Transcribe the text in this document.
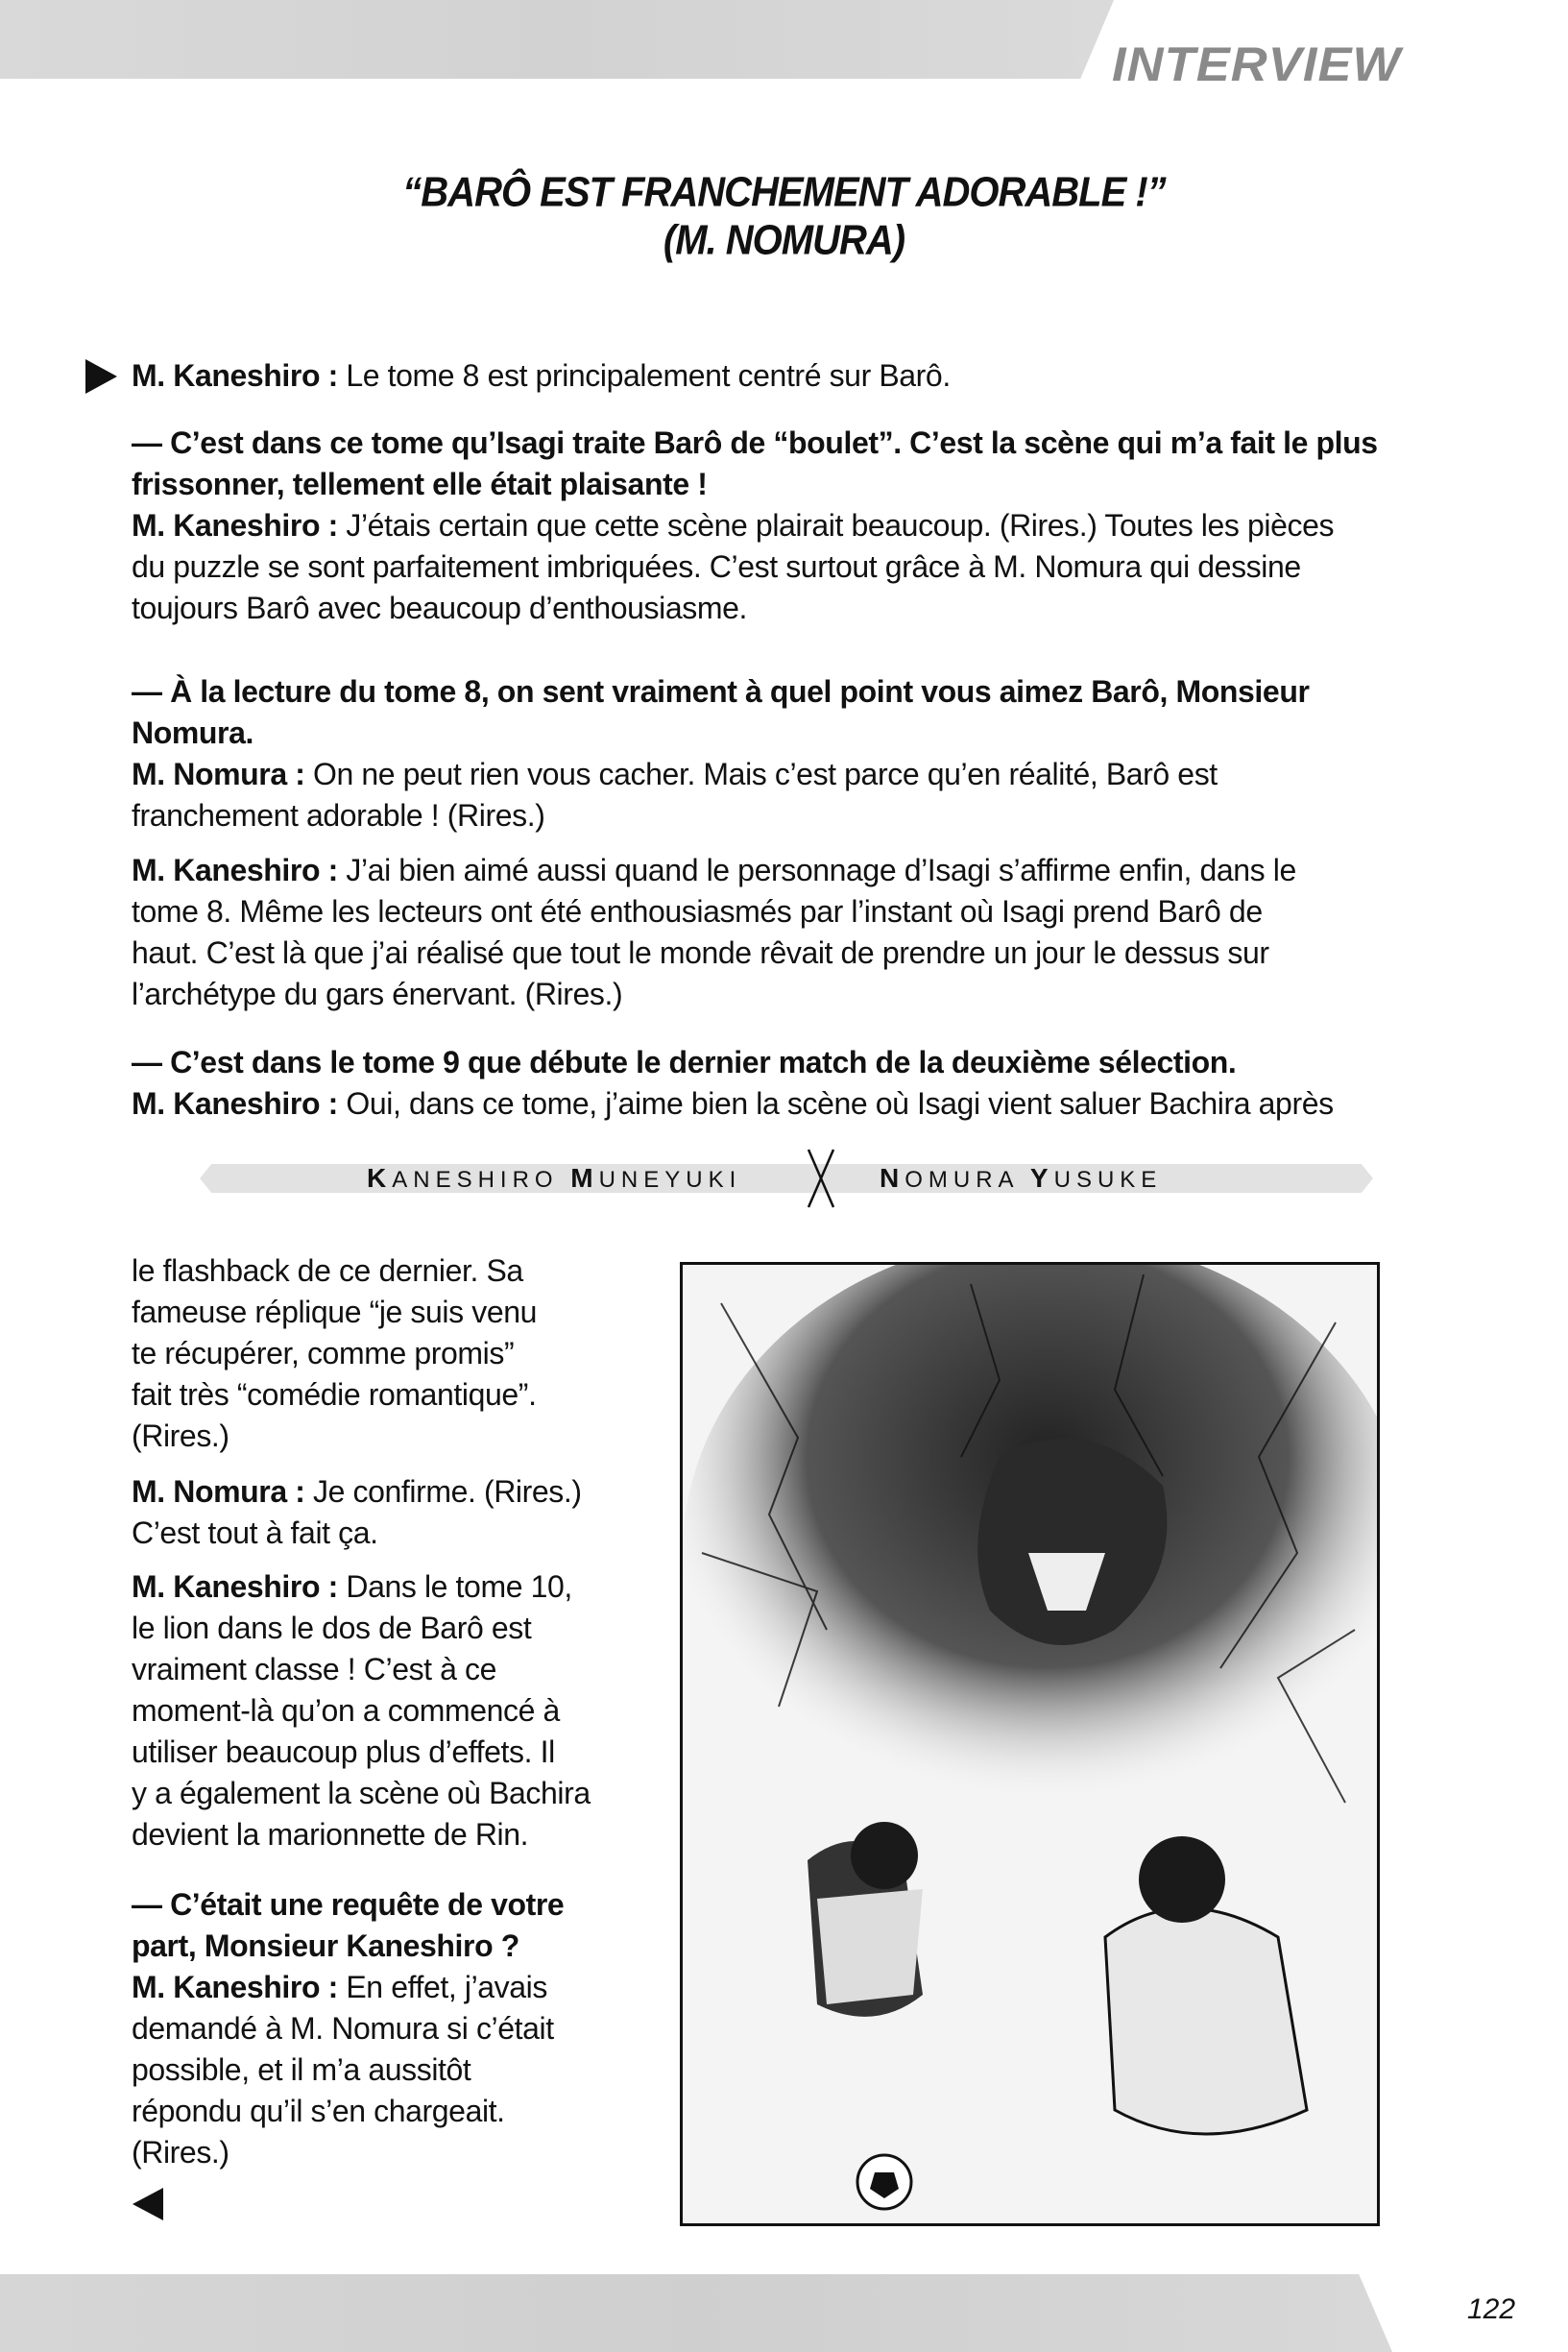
INTERVIEW
“BARÔ EST FRANCHEMENT ADORABLE !”
(M. NOMURA)
M. Kaneshiro : Le tome 8 est principalement centré sur Barô.
— C’est dans ce tome qu’Isagi traite Barô de “boulet”. C’est la scène qui m’a fait le plus
frissonner, tellement elle était plaisante !
M. Kaneshiro : J’étais certain que cette scène plairait beaucoup. (Rires.) Toutes les pièces
du puzzle se sont parfaitement imbriquées. C’est surtout grâce à M. Nomura qui dessine
toujours Barô avec beaucoup d’enthousiasme.
— À la lecture du tome 8, on sent vraiment à quel point vous aimez Barô, Monsieur
Nomura.
M. Nomura : On ne peut rien vous cacher. Mais c’est parce qu’en réalité, Barô est
franchement adorable ! (Rires.)
M. Kaneshiro : J’ai bien aimé aussi quand le personnage d’Isagi s’affirme enfin, dans le
tome 8. Même les lecteurs ont été enthousiasmés par l’instant où Isagi prend Barô de
haut. C’est là que j’ai réalisé que tout le monde rêvait de prendre un jour le dessus sur
l’archétype du gars énervant. (Rires.)
— C’est dans le tome 9 que débute le dernier match de la deuxième sélection.
M. Kaneshiro : Oui, dans ce tome, j’aime bien la scène où Isagi vient saluer Bachira après
KANESHIRO MUNEYUKI	NOMURA YUSUKE
le flashback de ce dernier. Sa
fameuse réplique “je suis venu
te récupérer, comme promis”
fait très “comédie romantique”.
(Rires.)
M. Nomura : Je confirme. (Rires.)
C’est tout à fait ça.
M. Kaneshiro : Dans le tome 10,
le lion dans le dos de Barô est
vraiment classe ! C’est à ce
moment-là qu’on a commencé à
utiliser beaucoup plus d’effets. Il
y a également la scène où Bachira
devient la marionnette de Rin.
— C’était une requête de votre
part, Monsieur Kaneshiro ?
M. Kaneshiro : En effet, j’avais
demandé à M. Nomura si c’était
possible, et il m’a aussitôt
répondu qu’il s’en chargeait.
(Rires.)
122
